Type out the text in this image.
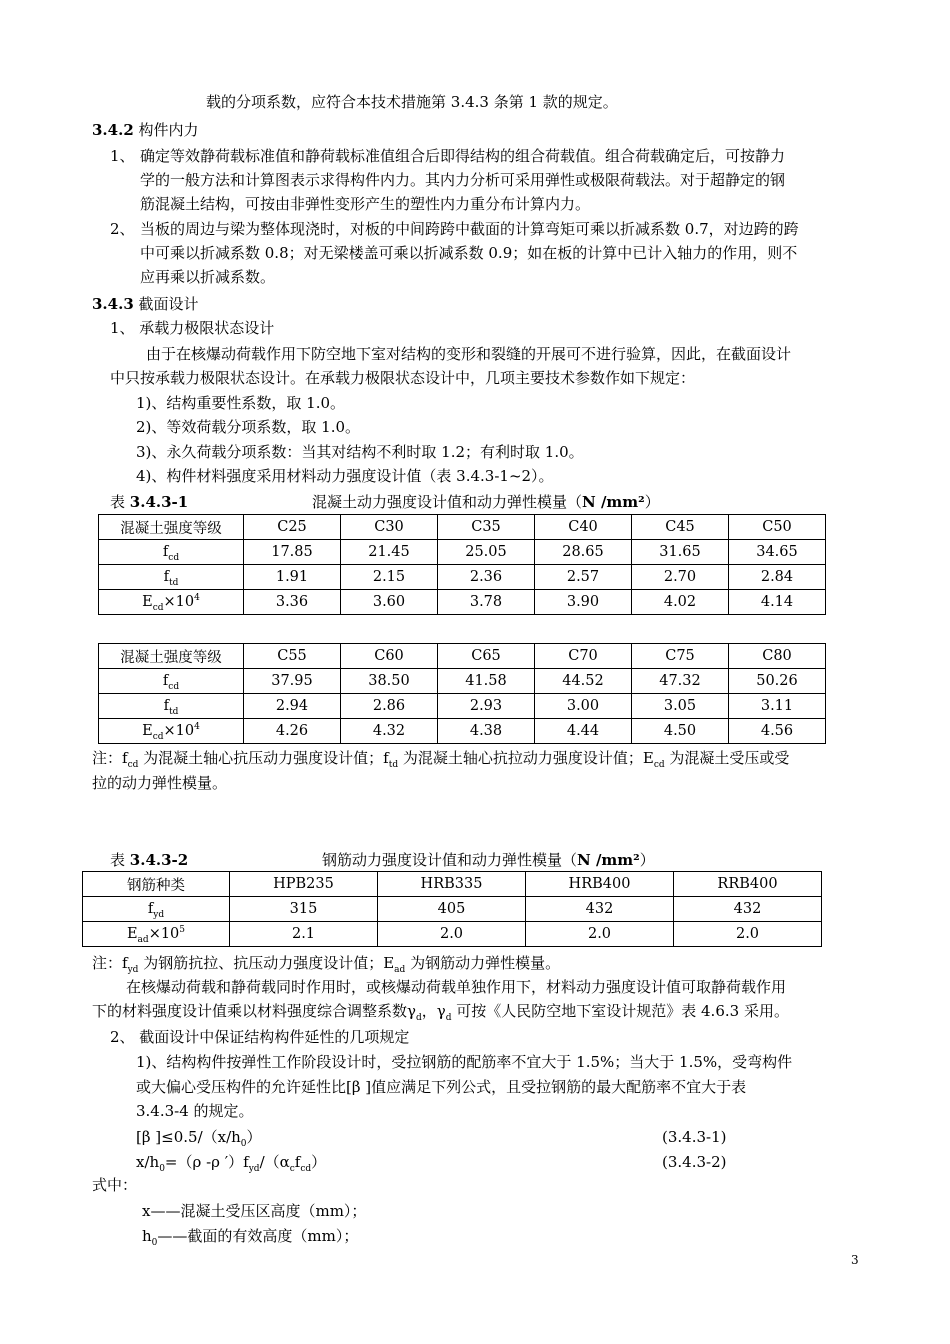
载的分项系数，应符合本技术措施第 3.4.3 条第 1 款的规定。
3.4.2 构件内力
1、 确定等效静荷载标准值和静荷载标准值组合后即得结构的组合荷载值。组合荷载确定后，可按静力
学的一般方法和计算图表示求得构件内力。其内力分析可采用弹性或极限荷载法。对于超静定的钢
筋混凝土结构，可按由非弹性变形产生的塑性内力重分布计算内力。
2、 当板的周边与梁为整体现浇时，对板的中间跨跨中截面的计算弯矩可乘以折减系数 0.7，对边跨的跨
中可乘以折减系数 0.8；对无梁楼盖可乘以折减系数 0.9；如在板的计算中已计入轴力的作用，则不
应再乘以折减系数。
3.4.3 截面设计
1、 承载力极限状态设计
由于在核爆动荷载作用下防空地下室对结构的变形和裂缝的开展可不进行验算，因此，在截面设计
中只按承载力极限状态设计。在承载力极限状态设计中，几项主要技术参数作如下规定：
1)、结构重要性系数，取 1.0。
2)、等效荷载分项系数，取 1.0。
3)、永久荷载分项系数：当其对结构不利时取 1.2；有利时取 1.0。
4)、构件材料强度采用材料动力强度设计值（表 3.4.3-1~2）。
表 3.4.3-1	混凝土动力强度设计值和动力弹性模量（N /mm²）
混凝土强度等级	C25	C30	C35	C40	C45	C50
$f_{cd}$	17.85	21.45	25.05	28.65	31.65	34.65
$f_{td}$	1.91	2.15	2.36	2.57	2.70	2.84
$E_{cd}\times 10^4$	3.36	3.60	3.78	3.90	4.02	4.14
混凝土强度等级	C55	C60	C65	C70	C75	C80
$f_{cd}$	37.95	38.50	41.58	44.52	47.32	50.26
$f_{td}$	2.94	2.86	2.93	3.00	3.05	3.11
$E_{cd}\times 10^4$	4.26	4.32	4.38	4.44	4.50	4.56
注：$f_{cd}$ 为混凝土轴心抗压动力强度设计值；$f_{td}$ 为混凝土轴心抗拉动力强度设计值；$E_{cd}$ 为混凝土受压或受
拉的动力弹性模量。
表 3.4.3-2	钢筋动力强度设计值和动力弹性模量（N /mm²）
钢筋种类	HPB235	HRB335	HRB400	RRB400
$f_{yd}$	315	405	432	432
$E_{ad}\times 10^5$	2.1	2.0	2.0	2.0
注：$f_{yd}$ 为钢筋抗拉、抗压动力强度设计值；$E_{ad}$ 为钢筋动力弹性模量。
在核爆动荷载和静荷载同时作用时，或核爆动荷载单独作用下，材料动力强度设计值可取静荷载作用
下的材料强度设计值乘以材料强度综合调整系数$\gamma_d$，$\gamma_d$ 可按《人民防空地下室设计规范》表 4.6.3 采用。
2、 截面设计中保证结构构件延性的几项规定
1)、结构构件按弹性工作阶段设计时，受拉钢筋的配筋率不宜大于 1.5%；当大于 1.5%，受弯构件
或大偏心受压构件的允许延性比[β ]值应满足下列公式，且受拉钢筋的最大配筋率不宜大于表
3.4.3-4 的规定。
[β ]$\le 0.5/(x/h_0)$	(3.4.3-1)
$x/h_0=(\rho$ -ρ $')f_{yd}/(\alpha_cf_{cd})$	(3.4.3-2)
式中：
x——混凝土受压区高度（mm）；
$h_0——$截面的有效高度（mm）；
3
